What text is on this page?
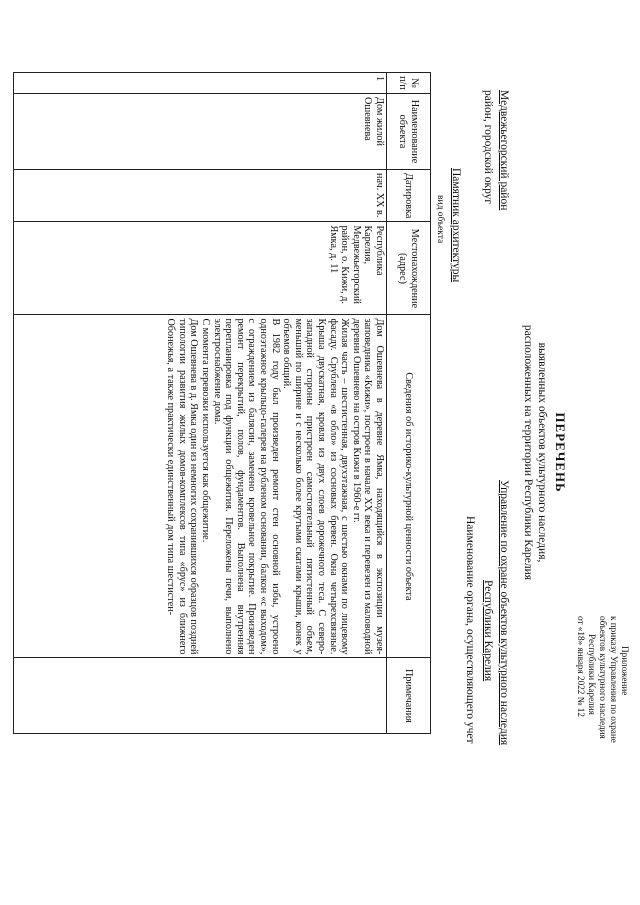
Приложение
к приказу Управления по охране
объектов культурного наследия
Республики Карелия
от «18» января 2022 № 12
ПЕРЕЧЕНЬ
выявленных объектов культурного наследия,
расположенных на территории Республики Карелия
Медвежьегорский район
район, городской округ
Управление по охране объектов культурного наследия
Республики Карелия
Наименование органа, осуществляющего учет
Памятник архитектуры
вид объекта
№ п/п	Наименование объекта	Датировка	Местонахождение (адрес)	Сведения об историко-культурной ценности объекта	Примечания
1	Дом жилой Ошевнева	нач. XX в.	Республика Карелия, Медвежьегорский район, о. Кижи, д. Ямка, д. 11	Дом Ошевнева в деревне Ямка, находящийся в экспозиции музея-заповедника «Кижи», построен в начале XX века и перевезен из маловодной деревни Ошевнево на остров Кижи в 1960-е гг.

Жилая часть – шестистенная, двухэтажная, с шестью окнами по лицевому фасаду. Срублена «в обло» из сосновых бревен. Окна четырехсвязные. Крыша двускатная, кровля из двух слоев дорожечного теса. С северо-западной стороны пристроен самостоятельный пятистенный объем, меньший по ширине и с несколько более крутыми скатами крыши, конек у объемов общий.

В 1982 году был произведен ремонт стен основной избы, устроено одноэтажное крыльцо-галерея на рубленом основании, балкон «с выходом», с ограждением из балясин, заменено кровельное покрытие. Произведен ремонт перекрытий, полов, фундаментов. Выполнена внутренняя перепланировка под функции общежития. Переложены печи, выполнено электроснабжение дома.

С момента перевозки используется как общежитие.

Дом Ошевнева в д. Ямка один из немногих сохранившихся образцов поздней типологии развития жилых домов-комплексов типа «брус» из ближнего Обонежья, а также практически единственный дом типа шестистен-	
